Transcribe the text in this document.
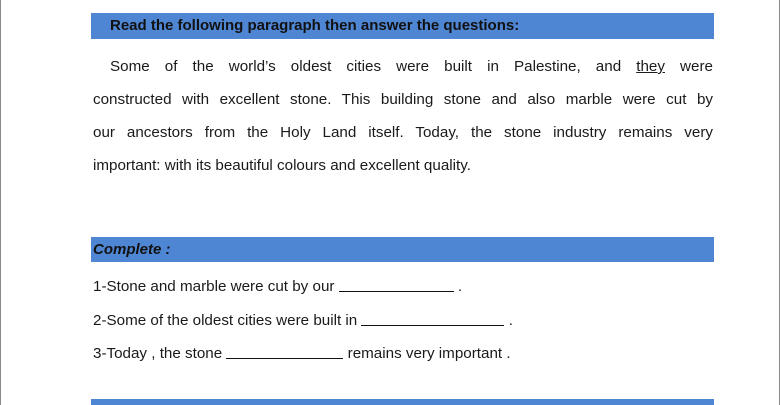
Read the following paragraph then answer the questions:
Some of the world’s oldest cities were built in Palestine, and they were
constructed with excellent stone. This building stone and also marble were cut by
our ancestors from the Holy Land itself. Today, the stone industry remains very
important: with its beautiful colours and excellent quality.
Complete :
1-Stone and marble were cut by our	.
2-Some of the oldest cities were built in	.
3-Today , the stone	remains very important .
